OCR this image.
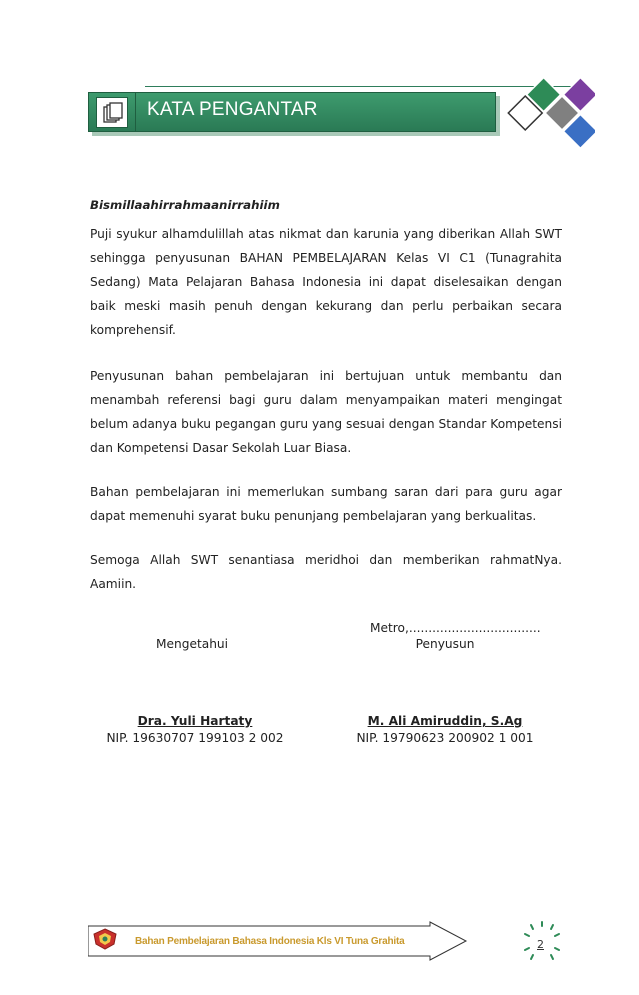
KATA PENGANTAR
Bismillaahirrahmaanirrahiim

Puji syukur alhamdulillah atas nikmat dan karunia yang diberikan Allah SWT sehingga penyusunan BAHAN PEMBELAJARAN Kelas VI C1 (Tunagrahita Sedang) Mata Pelajaran Bahasa Indonesia ini dapat diselesaikan dengan baik meski masih penuh dengan kekurang dan perlu perbaikan secara komprehensif.

Penyusunan bahan pembelajaran ini bertujuan untuk membantu dan menambah referensi bagi guru dalam menyampaikan materi mengingat belum adanya buku pegangan guru yang sesuai dengan Standar Kompetensi dan Kompetensi Dasar Sekolah Luar Biasa.

Bahan pembelajaran ini memerlukan sumbang saran dari para guru agar dapat memenuhi syarat buku penunjang pembelajaran yang berkualitas.

Semoga Allah SWT senantiasa meridhoi dan memberikan rahmatNya. Aamiin.

Metro,..................................
Mengetahui	Penyusun
Dra. Yuli Hartaty
NIP. 19630707 199103 2 002
M. Ali Amiruddin, S.Ag
NIP. 19790623 200902 1 001
Bahan Pembelajaran Bahasa Indonesia Kls VI Tuna Grahita	2
